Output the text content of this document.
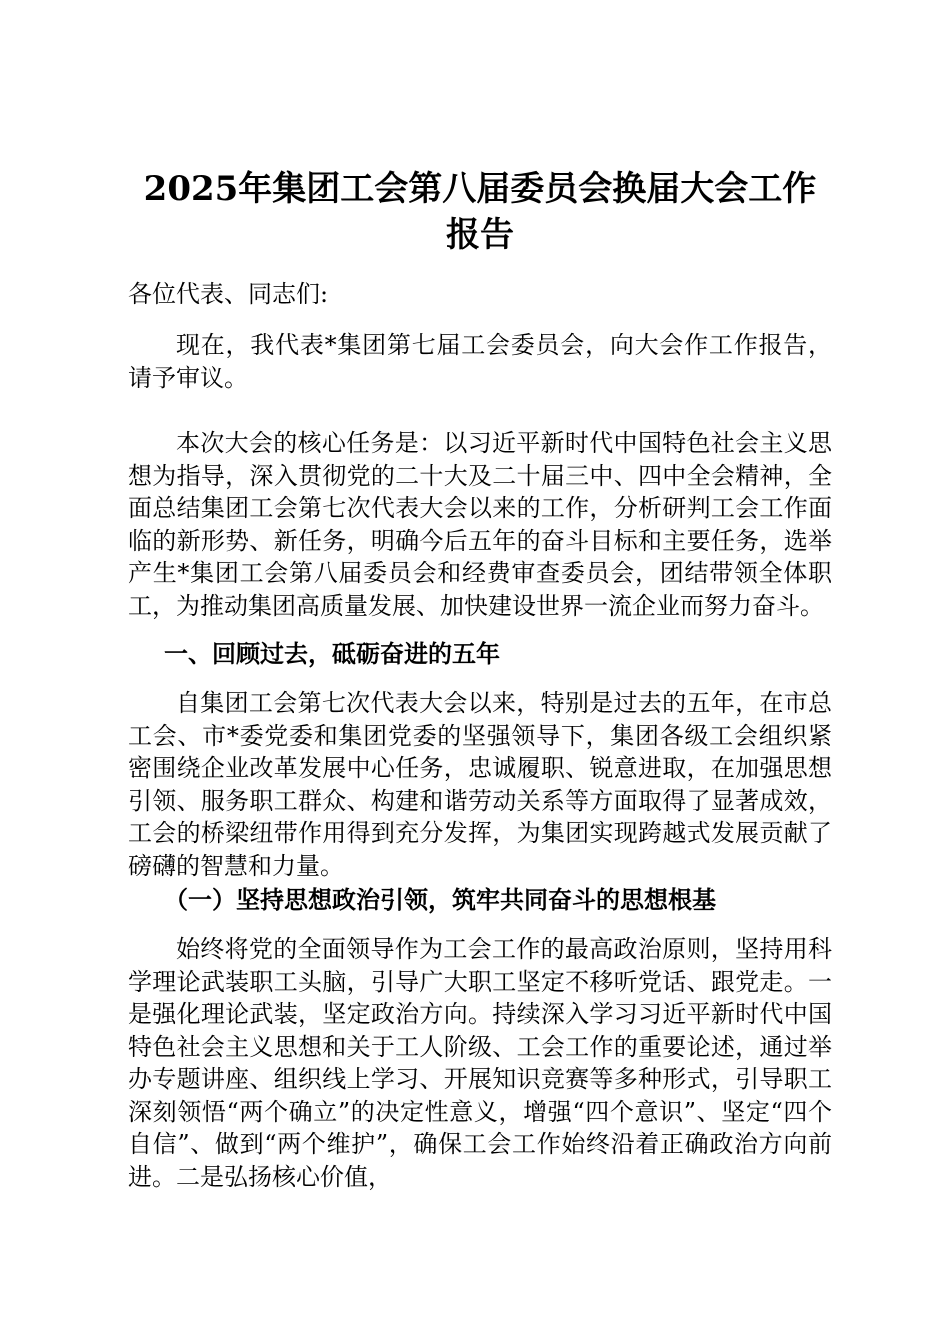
2025年集团工会第八届委员会换届大会工作
报告

各位代表、同志们:

现在，我代表*集团第七届工会委员会，向大会作工作报告，请予审议。

本次大会的核心任务是：以习近平新时代中国特色社会主义思想为指导，深入贯彻党的二十大及二十届三中、四中全会精神，全面总结集团工会第七次代表大会以来的工作，分析研判工会工作面临的新形势、新任务，明确今后五年的奋斗目标和主要任务，选举产生*集团工会第八届委员会和经费审查委员会，团结带领全体职工，为推动集团高质量发展、加快建设世界一流企业而努力奋斗。

一、回顾过去，砥砺奋进的五年

自集团工会第七次代表大会以来，特别是过去的五年，在市总工会、市*委党委和集团党委的坚强领导下，集团各级工会组织紧密围绕企业改革发展中心任务，忠诚履职、锐意进取，在加强思想引领、服务职工群众、构建和谐劳动关系等方面取得了显著成效，工会的桥梁纽带作用得到充分发挥，为集团实现跨越式发展贡献了磅礴的智慧和力量。

（一）坚持思想政治引领，筑牢共同奋斗的思想根基

始终将党的全面领导作为工会工作的最高政治原则，坚持用科学理论武装职工头脑，引导广大职工坚定不移听党话、跟党走。一是强化理论武装，坚定政治方向。持续深入学习习近平新时代中国特色社会主义思想和关于工人阶级、工会工作的重要论述，通过举办专题讲座、组织线上学习、开展知识竞赛等多种形式，引导职工深刻领悟“两个确立”的决定性意义，增强“四个意识”、坚定“四个自信”、做到“两个维护”，确保工会工作始终沿着正确政治方向前进。二是弘扬核心价值，
